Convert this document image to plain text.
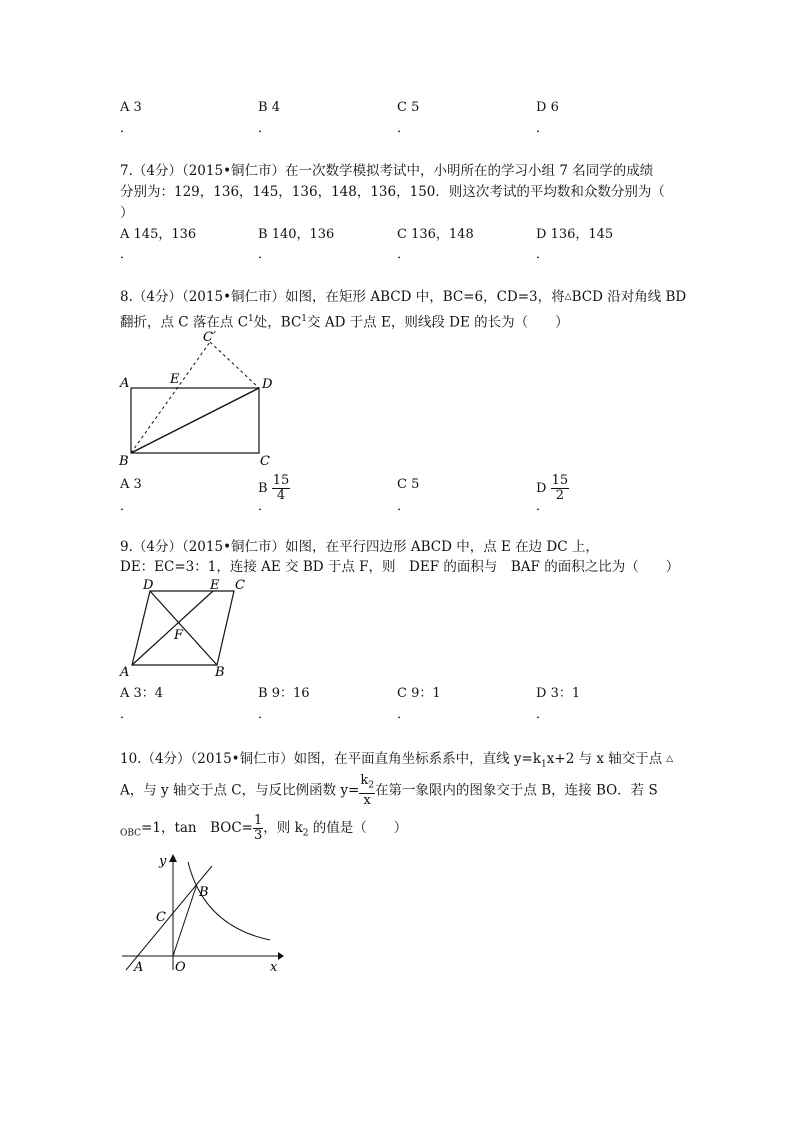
A 3	B 4	C 5	D 6
．	．	．	．
7.（4分）（2015•铜仁市）在一次数学模拟考试中，小明所在的学习小组 7 名同学的成绩
分别为：129，136，145，136，148，136，150．则这次考试的平均数和众数分别为（
）
A 145，136	B 140，136	C 136，148	D 136，145
．	．	．	．
8.（4分）（2015•铜仁市）如图，在矩形 ABCD 中，BC=6，CD=3，将△BCD 沿对角线 BD
翻折，点 C 落在点 $C^1$处，$BC^1$交 AD 于点 E，则线段 DE 的长为（　　）
A	E	D
C′
B	C
A 3	B $\frac{15}{4}$	C 5	D $\frac{15}{2}$
．	．	．	．
9.（4分）（2015•铜仁市）如图，在平行四边形 ABCD 中，点 E 在边 DC 上，
DE：EC=3：1，连接 AE 交 BD 于点 F，则　DEF 的面积与　BAF 的面积之比为（　　）
D	E C
F
A	B
A 3：4	B 9：16	C 9：1	D 3：1
．	．	．	．
10.（4分）（2015•铜仁市）如图，在平面直角坐标系系中，直线 $y=k_1x+2$ 与 x 轴交于点 △
A，与 y 轴交于点 C，与反比例函数 $y= \frac{k_2}{x}$ 在第一象限内的图象交于点 B，连接 BO．若 S
$_{OBC}$=1，tan　$BOC= \frac{1}{3}$ ，则 $k_2$ 的值是（　　）
y
x
O
A
B
C
